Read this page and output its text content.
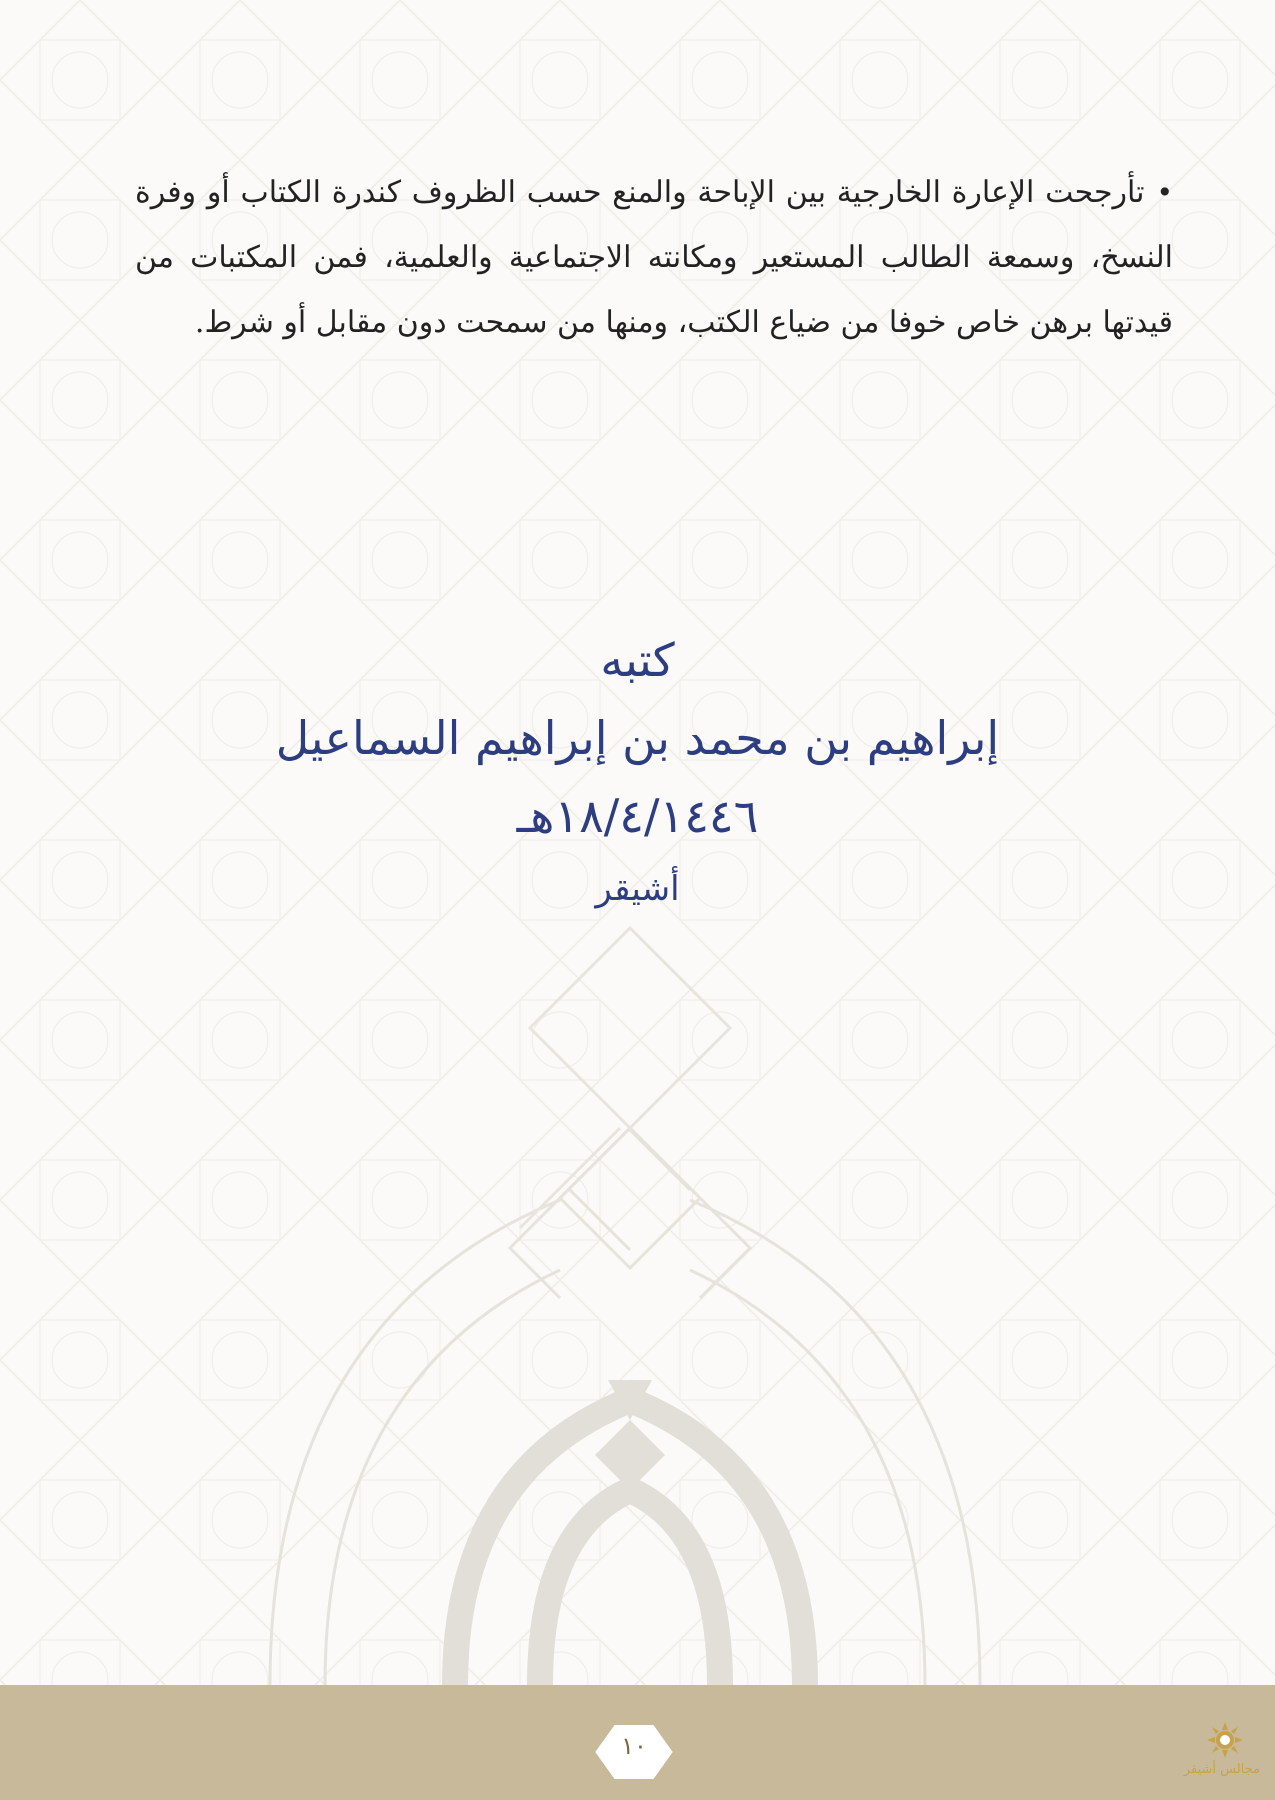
•تأرجحت الإعارة الخارجية بين الإباحة والمنع حسب الظروف كندرة الكتاب أو وفرة النسخ، وسمعة الطالب المستعير ومكانته الاجتماعية والعلمية، فمن المكتبات من قيدتها برهن خاص خوفا من ضياع الكتب، ومنها من سمحت دون مقابل أو شرط.

كتبه

إبراهيم بن محمد بن إبراهيم السماعيل

١٨/٤/١٤٤٦هـ

أشيقر

١٠
مجالس أشيقر
